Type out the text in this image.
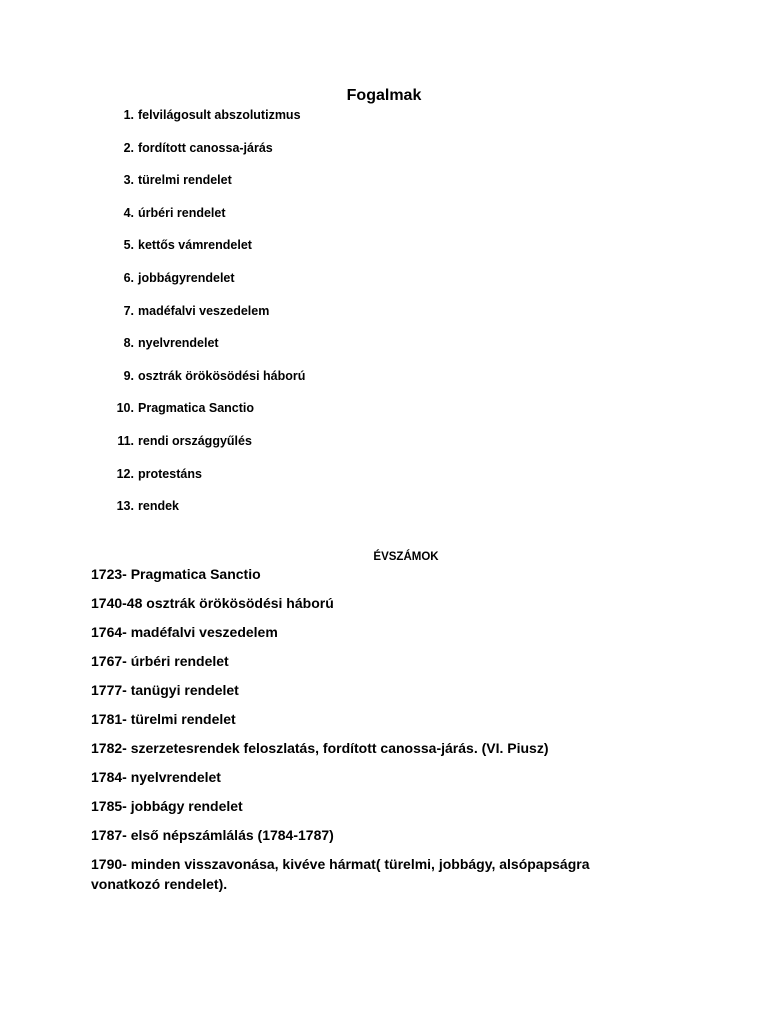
Fogalmak
1. felvilágosult abszolutizmus
2. fordított canossa-járás
3. türelmi rendelet
4. úrbéri rendelet
5. kettős vámrendelet
6. jobbágyrendelet
7. madéfalvi veszedelem
8. nyelvrendelet
9. osztrák örökösödési háború
10. Pragmatica Sanctio
11. rendi országgyűlés
12. protestáns
13. rendek
ÉVSZÁMOK
1723- Pragmatica Sanctio
1740-48 osztrák örökösödési háború
1764- madéfalvi veszedelem
1767- úrbéri rendelet
1777- tanügyi rendelet
1781- türelmi rendelet
1782- szerzetesrendek feloszlatás, fordított canossa-járás. (VI. Piusz)
1784- nyelvrendelet
1785- jobbágy rendelet
1787- első népszámlálás (1784-1787)
1790- minden visszavonása, kivéve hármat( türelmi, jobbágy, alsópapságra vonatkozó rendelet).
